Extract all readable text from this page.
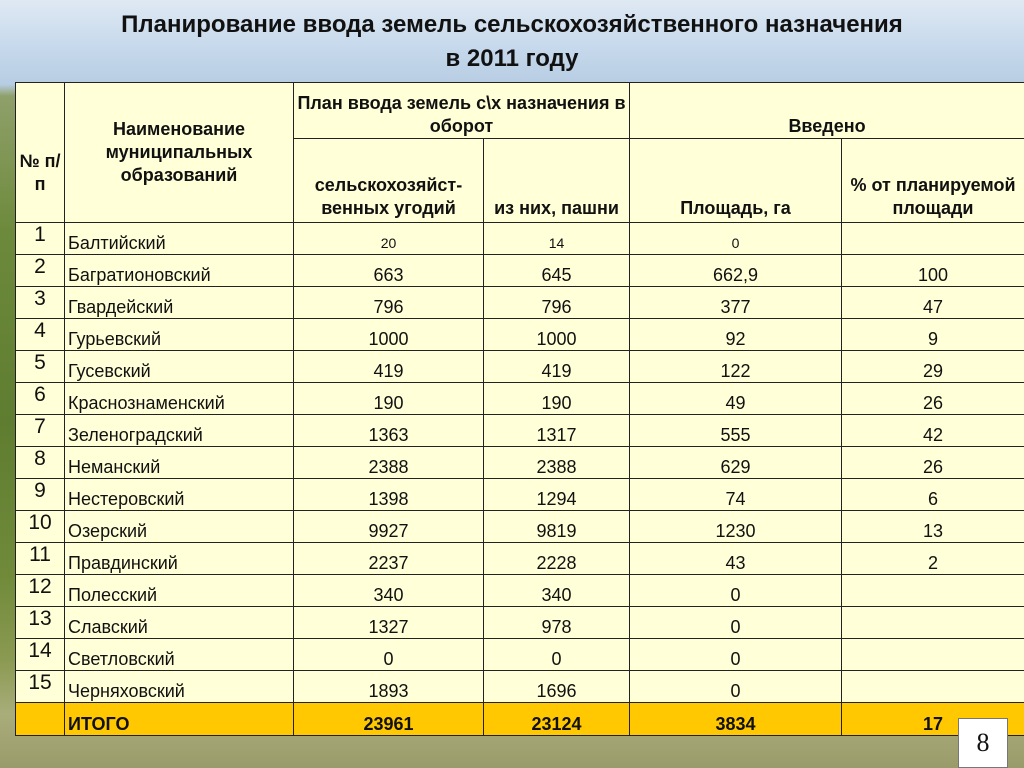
Планирование ввода земель сельскохозяйственного назначения
в 2011 году
№ п/п	Наименование муниципальных образований	План ввода земель с\х назначения в оборот		Введено	
		сельскохозяйст-венных угодий	из них, пашни	Площадь, га	% от планируемой площади
1	Балтийский	20	14	0	
2	Багратионовский	663	645	662,9	100
3	Гвардейский	796	796	377	47
4	Гурьевский	1000	1000	92	9
5	Гусевский	419	419	122	29
6	Краснознаменский	190	190	49	26
7	Зеленоградский	1363	1317	555	42
8	Неманский	2388	2388	629	26
9	Нестеровский	1398	1294	74	6
10	Озерский	9927	9819	1230	13
11	Правдинский	2237	2228	43	2
12	Полесский	340	340	0	
13	Славский	1327	978	0	
14	Светловский	0	0	0	
15	Черняховский	1893	1696	0	
	ИТОГО	23961	23124	3834	17
8
